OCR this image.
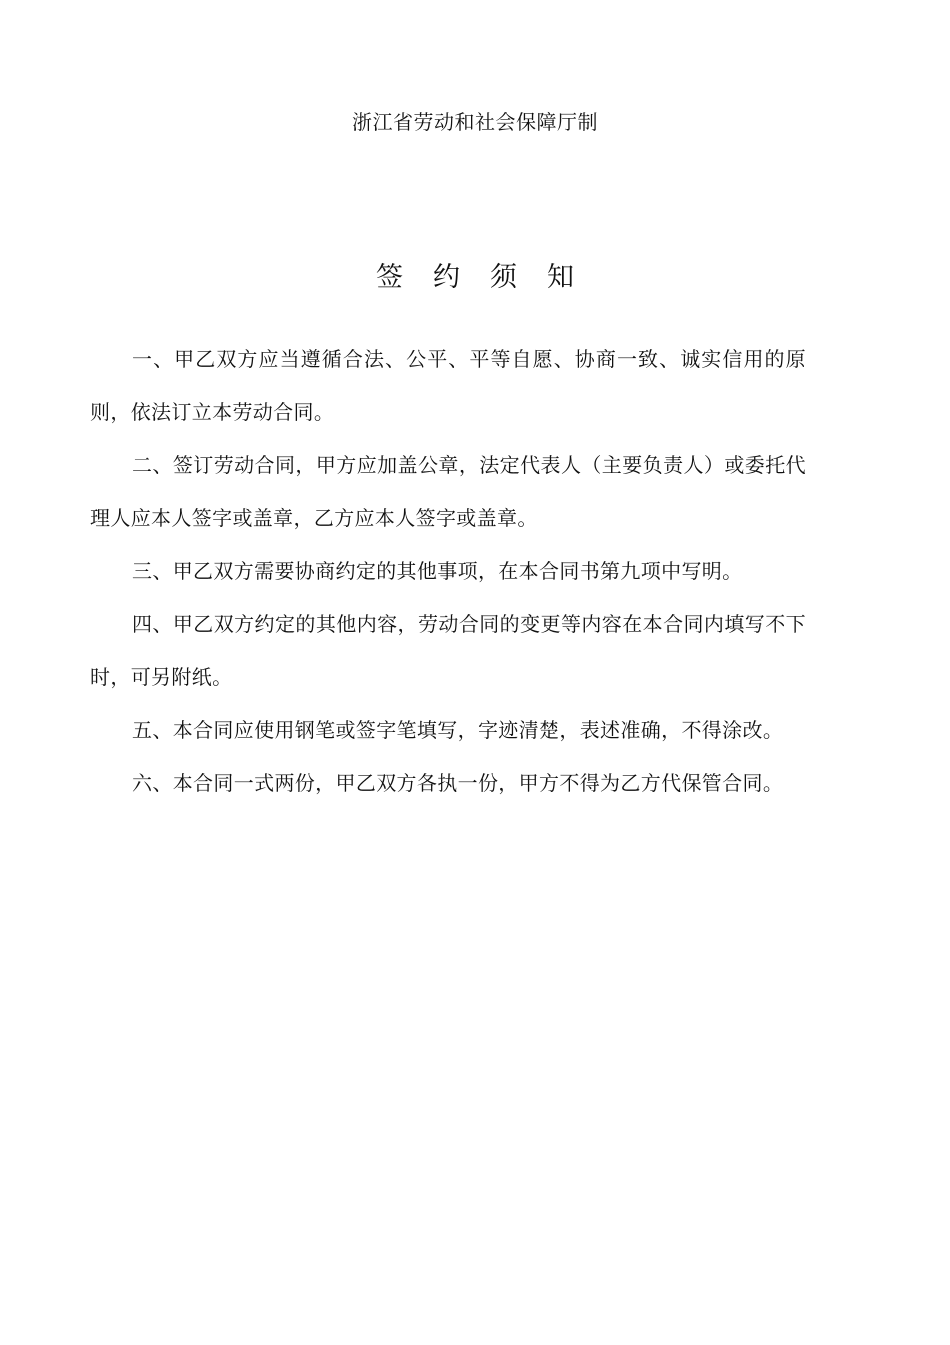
浙江省劳动和社会保障厅制
签约须知
一、甲乙双方应当遵循合法、公平、平等自愿、协商一致、诚实信用的原则，依法订立本劳动合同。
二、签订劳动合同，甲方应加盖公章，法定代表人（主要负责人）或委托代理人应本人签字或盖章，乙方应本人签字或盖章。
三、甲乙双方需要协商约定的其他事项，在本合同书第九项中写明。
四、甲乙双方约定的其他内容，劳动合同的变更等内容在本合同内填写不下时，可另附纸。
五、本合同应使用钢笔或签字笔填写，字迹清楚，表述准确，不得涂改。
六、本合同一式两份，甲乙双方各执一份，甲方不得为乙方代保管合同。
